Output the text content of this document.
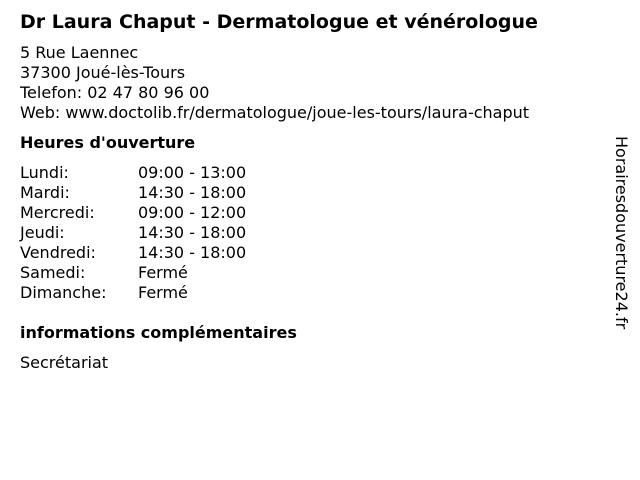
Dr Laura Chaput - Dermatologue et vénérologue
5 Rue Laennec
37300 Joué-lès-Tours
Telefon: 02 47 80 96 00
Web: www.doctolib.fr/dermatologue/joue-les-tours/laura-chaput
Heures d'ouverture
Lundi:	09:00 - 13:00
Mardi:	14:30 - 18:00
Mercredi:	09:00 - 12:00
Jeudi:	14:30 - 18:00
Vendredi:	14:30 - 18:00
Samedi:	Fermé
Dimanche:	Fermé
informations complémentaires
Secrétariat
Horairesdouverture24.fr
